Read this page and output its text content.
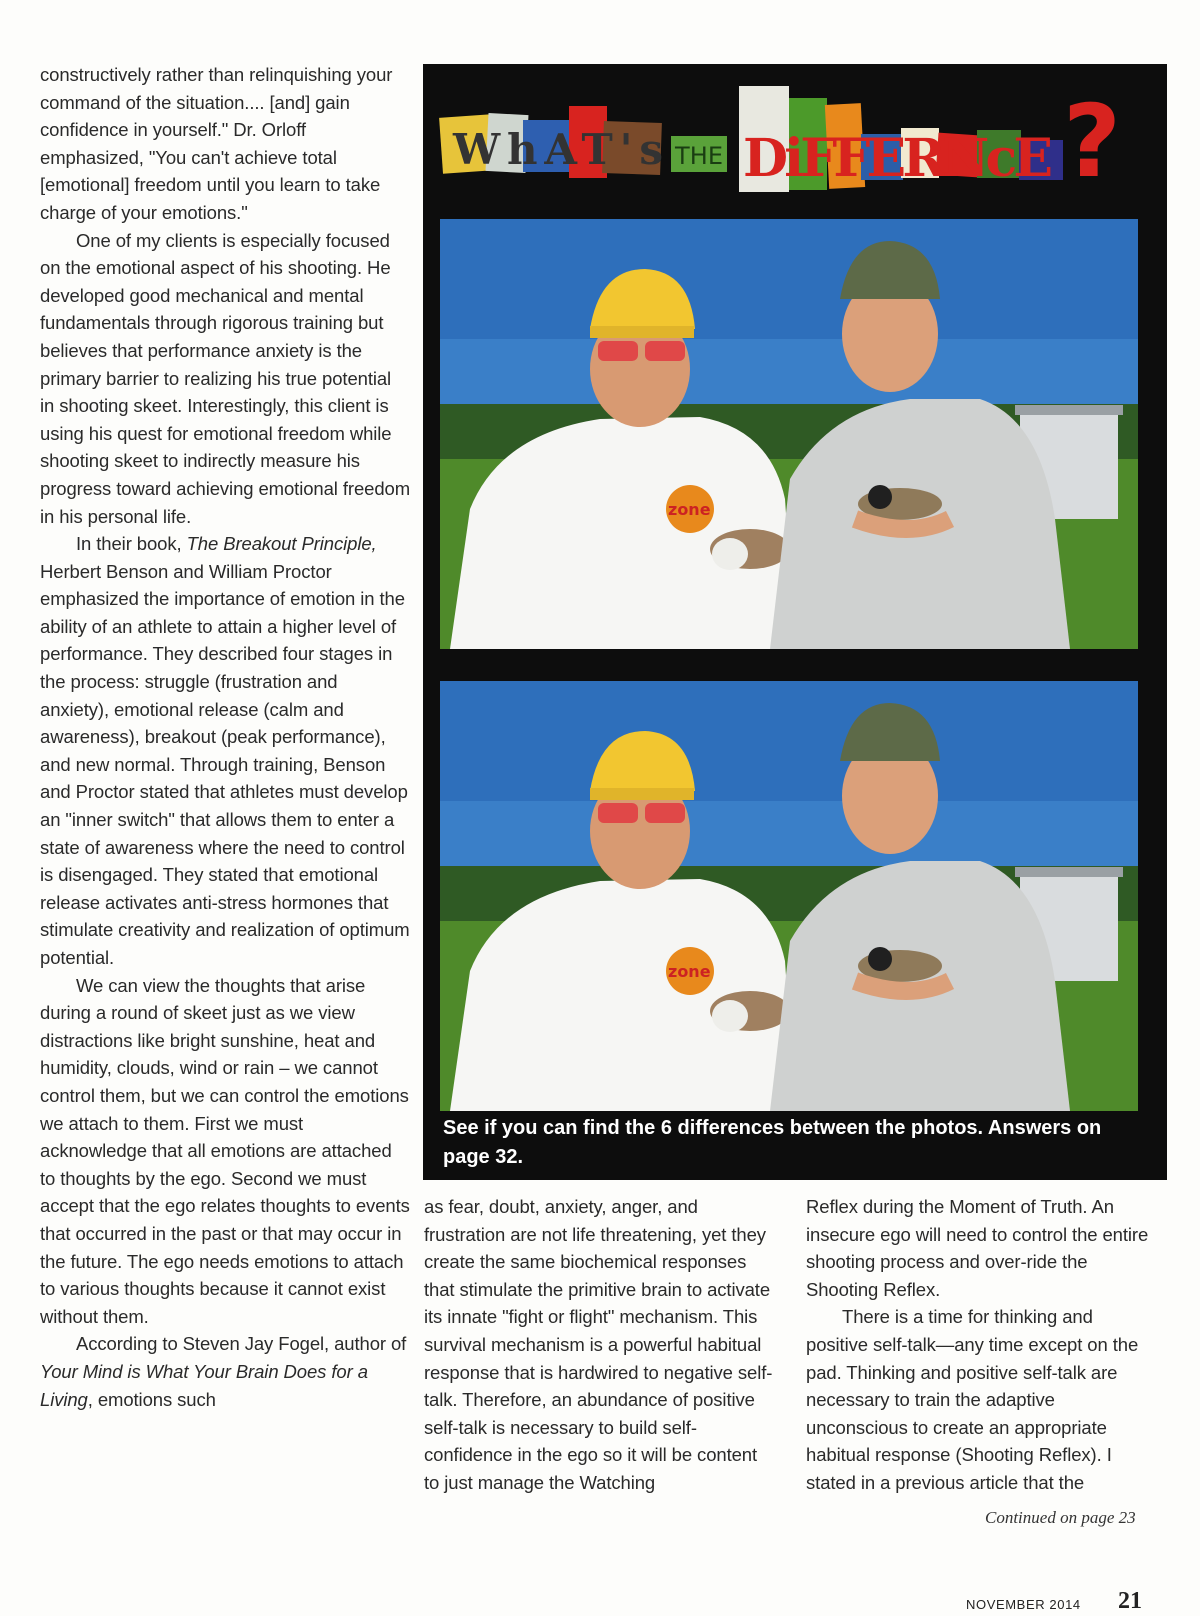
constructively rather than relinquishing your command of the situation.... [and] gain confidence in yourself." Dr. Orloff emphasized, "You can't achieve total [emotional] freedom until you learn to take charge of your emotions."

One of my clients is especially focused on the emotional aspect of his shooting. He developed good mechanical and mental fundamentals through rigorous training but believes that performance anxiety is the primary barrier to realizing his true potential in shooting skeet. Interestingly, this client is using his quest for emotional freedom while shooting skeet to indirectly measure his progress toward achieving emotional freedom in his personal life.

In their book, The Breakout Principle, Herbert Benson and William Proctor emphasized the importance of emotion in the ability of an athlete to attain a higher level of performance. They described four stages in the process: struggle (frustration and anxiety), emotional release (calm and awareness), breakout (peak performance), and new normal. Through training, Benson and Proctor stated that athletes must develop an "inner switch" that allows them to enter a state of awareness where the need to control is disengaged. They stated that emotional release activates anti-stress hormones that stimulate creativity and realization of optimum potential.

We can view the thoughts that arise during a round of skeet just as we view distractions like bright sunshine, heat and humidity, clouds, wind or rain – we cannot control them, but we can control the emotions we attach to them. First we must acknowledge that all emotions are attached to thoughts by the ego. Second we must accept that the ego relates thoughts to events that occurred in the past or that may occur in the future. The ego needs emotions to attach to various thoughts because it cannot exist without them.

According to Steven Jay Fogel, author of Your Mind is What Your Brain Does for a Living, emotions such

WhAT's THE DiFFERNcE ?
zone
zone
See if you can find the 6 differences between the photos. Answers on page 32.

as fear, doubt, anxiety, anger, and frustration are not life threatening, yet they create the same biochemical responses that stimulate the primitive brain to activate its innate "fight or flight" mechanism. This survival mechanism is a powerful habitual response that is hardwired to negative self-talk. Therefore, an abundance of positive self-talk is necessary to build self-confidence in the ego so it will be content to just manage the Watching

Reflex during the Moment of Truth. An insecure ego will need to control the entire shooting process and over-ride the Shooting Reflex.

There is a time for thinking and positive self-talk—any time except on the pad. Thinking and positive self-talk are necessary to train the adaptive unconscious to create an appropriate habitual response (Shooting Reflex). I stated in a previous article that the

Continued on page 23
NOVEMBER 2014 21
